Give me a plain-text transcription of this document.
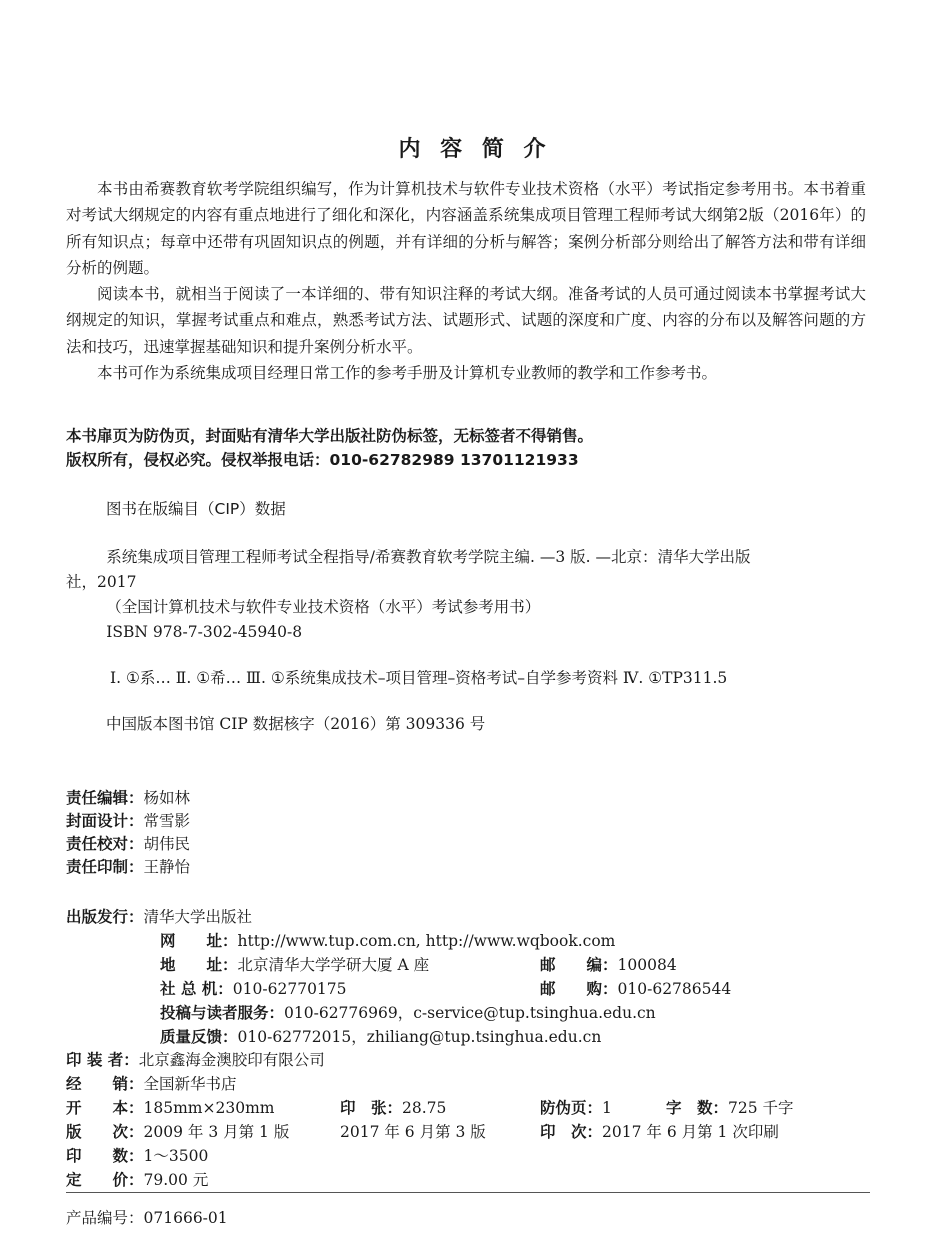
内 容 简 介

本书由希赛教育软考学院组织编写，作为计算机技术与软件专业技术资格（水平）考试指定参考用书。本书着重对考试大纲规定的内容有重点地进行了细化和深化，内容涵盖系统集成项目管理工程师考试大纲第2版（2016年）的所有知识点；每章中还带有巩固知识点的例题，并有详细的分析与解答；案例分析部分则给出了解答方法和带有详细分析的例题。

阅读本书，就相当于阅读了一本详细的、带有知识注释的考试大纲。准备考试的人员可通过阅读本书掌握考试大纲规定的知识，掌握考试重点和难点，熟悉考试方法、试题形式、试题的深度和广度、内容的分布以及解答问题的方法和技巧，迅速掌握基础知识和提升案例分析水平。

本书可作为系统集成项目经理日常工作的参考手册及计算机专业教师的教学和工作参考书。

本书扉页为防伪页，封面贴有清华大学出版社防伪标签，无标签者不得销售。
版权所有，侵权必究。侵权举报电话：010-62782989 13701121933
图书在版编目（CIP）数据
系统集成项目管理工程师考试全程指导/希赛教育软考学院主编. —3 版. —北京：清华大学出版
社，2017
（全国计算机技术与软件专业技术资格（水平）考试参考用书）
ISBN 978-7-302-45940-8
Ⅰ. ①系… Ⅱ. ①希… Ⅲ. ①系统集成技术–项目管理–资格考试–自学参考资料 Ⅳ. ①TP311.5
中国版本图书馆 CIP 数据核字（2016）第 309336 号
责任编辑：杨如林
封面设计：常雪影
责任校对：胡伟民
责任印制：王静怡
出版发行：清华大学出版社
网　　址：http://www.tup.com.cn, http://www.wqbook.com
地　　址：北京清华大学学研大厦 A 座	邮　　编：100084
社 总 机：010-62770175	邮　　购：010-62786544
投稿与读者服务：010-62776969，c-service@tup.tsinghua.edu.cn
质量反馈：010-62772015，zhiliang@tup.tsinghua.edu.cn
印 装 者：北京鑫海金澳胶印有限公司
经　　销：全国新华书店
开　　本：185mm×230mm	印　张：28.75	防伪页：1	字　数：725 千字
版　　次：2009 年 3 月第 1 版	2017 年 6 月第 3 版	印　次：2017 年 6 月第 1 次印刷
印　　数：1～3500
定　　价：79.00 元
产品编号：071666-01
